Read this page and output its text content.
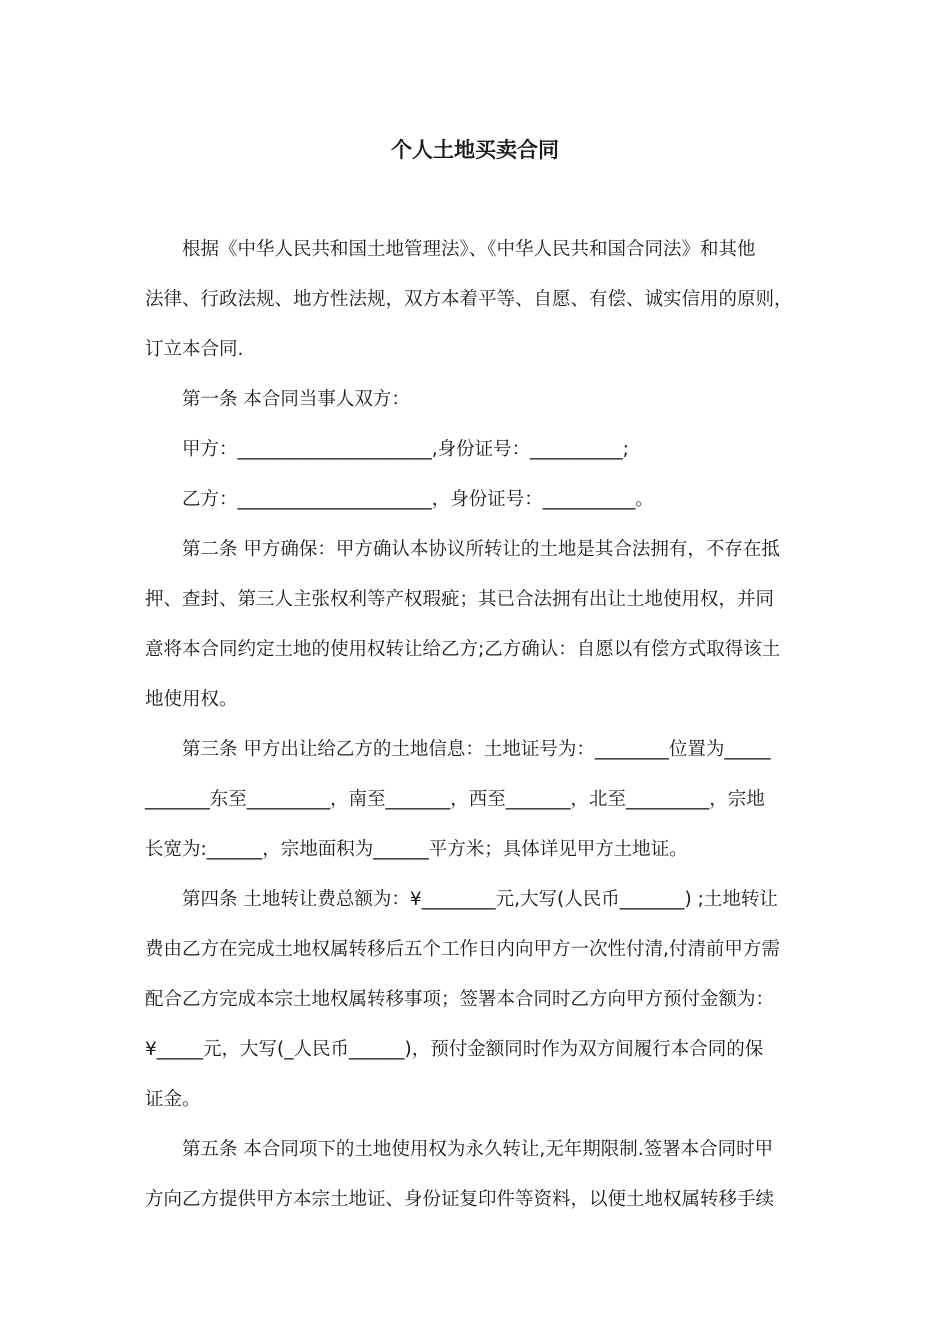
个人土地买卖合同
根据《中华人民共和国土地管理法》、《中华人民共和国合同法》和其他
法律、行政法规、地方性法规，双方本着平等、自愿、有偿、诚实信用的原则，
订立本合同.
第一条 本合同当事人双方：
甲方：_____________________,身份证号：__________;
乙方：_____________________，身份证号：__________。
第二条 甲方确保：甲方确认本协议所转让的土地是其合法拥有，不存在抵
押、查封、第三人主张权利等产权瑕疵；其已合法拥有出让土地使用权，并同
意将本合同约定土地的使用权转让给乙方;乙方确认：自愿以有偿方式取得该土
地使用权。
第三条 甲方出让给乙方的土地信息：土地证号为：________位置为_____
_______东至_________，南至_______，西至_______，北至_________，宗地
长宽为:______，宗地面积为______平方米；具体详见甲方土地证。
第四条 土地转让费总额为：¥________元,大写(人民币_______) ;土地转让
费由乙方在完成土地权属转移后五个工作日内向甲方一次性付清,付清前甲方需
配合乙方完成本宗土地权属转移事项；签署本合同时乙方向甲方预付金额为：
¥_____元，大写(_人民币______)，预付金额同时作为双方间履行本合同的保
证金。
第五条 本合同项下的土地使用权为永久转让,无年期限制.签署本合同时甲
方向乙方提供甲方本宗土地证、身份证复印件等资料，以便土地权属转移手续
